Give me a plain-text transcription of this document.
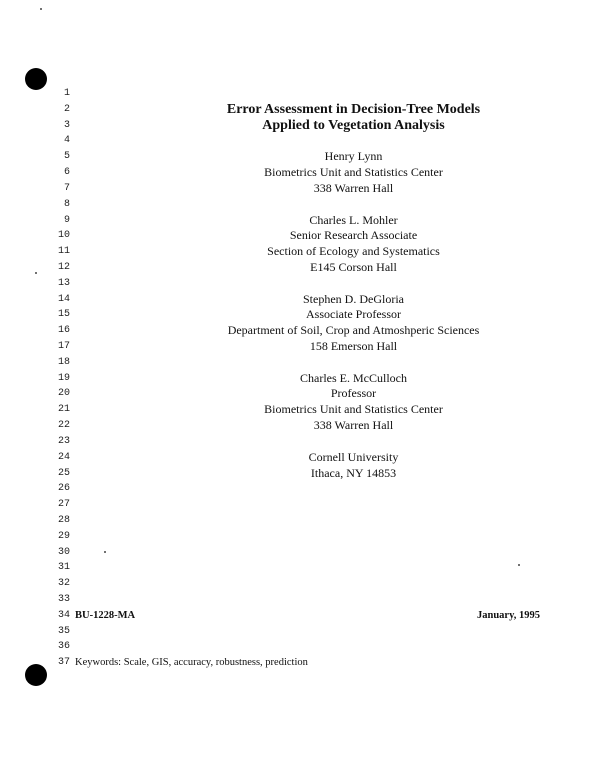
1
2
3
4
5
6
7
8
9
10
11
12
13
14
15
16
17
18
19
20
21
22
23
24
25
26
27
28
29
30
31
32
33
34
35
36
37
Error Assessment in Decision-Tree Models
Applied to Vegetation Analysis
Henry Lynn
Biometrics Unit and Statistics Center
338 Warren Hall
Charles L. Mohler
Senior Research Associate
Section of Ecology and Systematics
E145 Corson Hall
Stephen D. DeGloria
Associate Professor
Department of Soil, Crop and Atmoshperic Sciences
158 Emerson Hall
Charles E. McCulloch
Professor
Biometrics Unit and Statistics Center
338 Warren Hall
Cornell University
Ithaca, NY 14853
BU-1228-MA	January, 1995
Keywords: Scale, GIS, accuracy, robustness, prediction
